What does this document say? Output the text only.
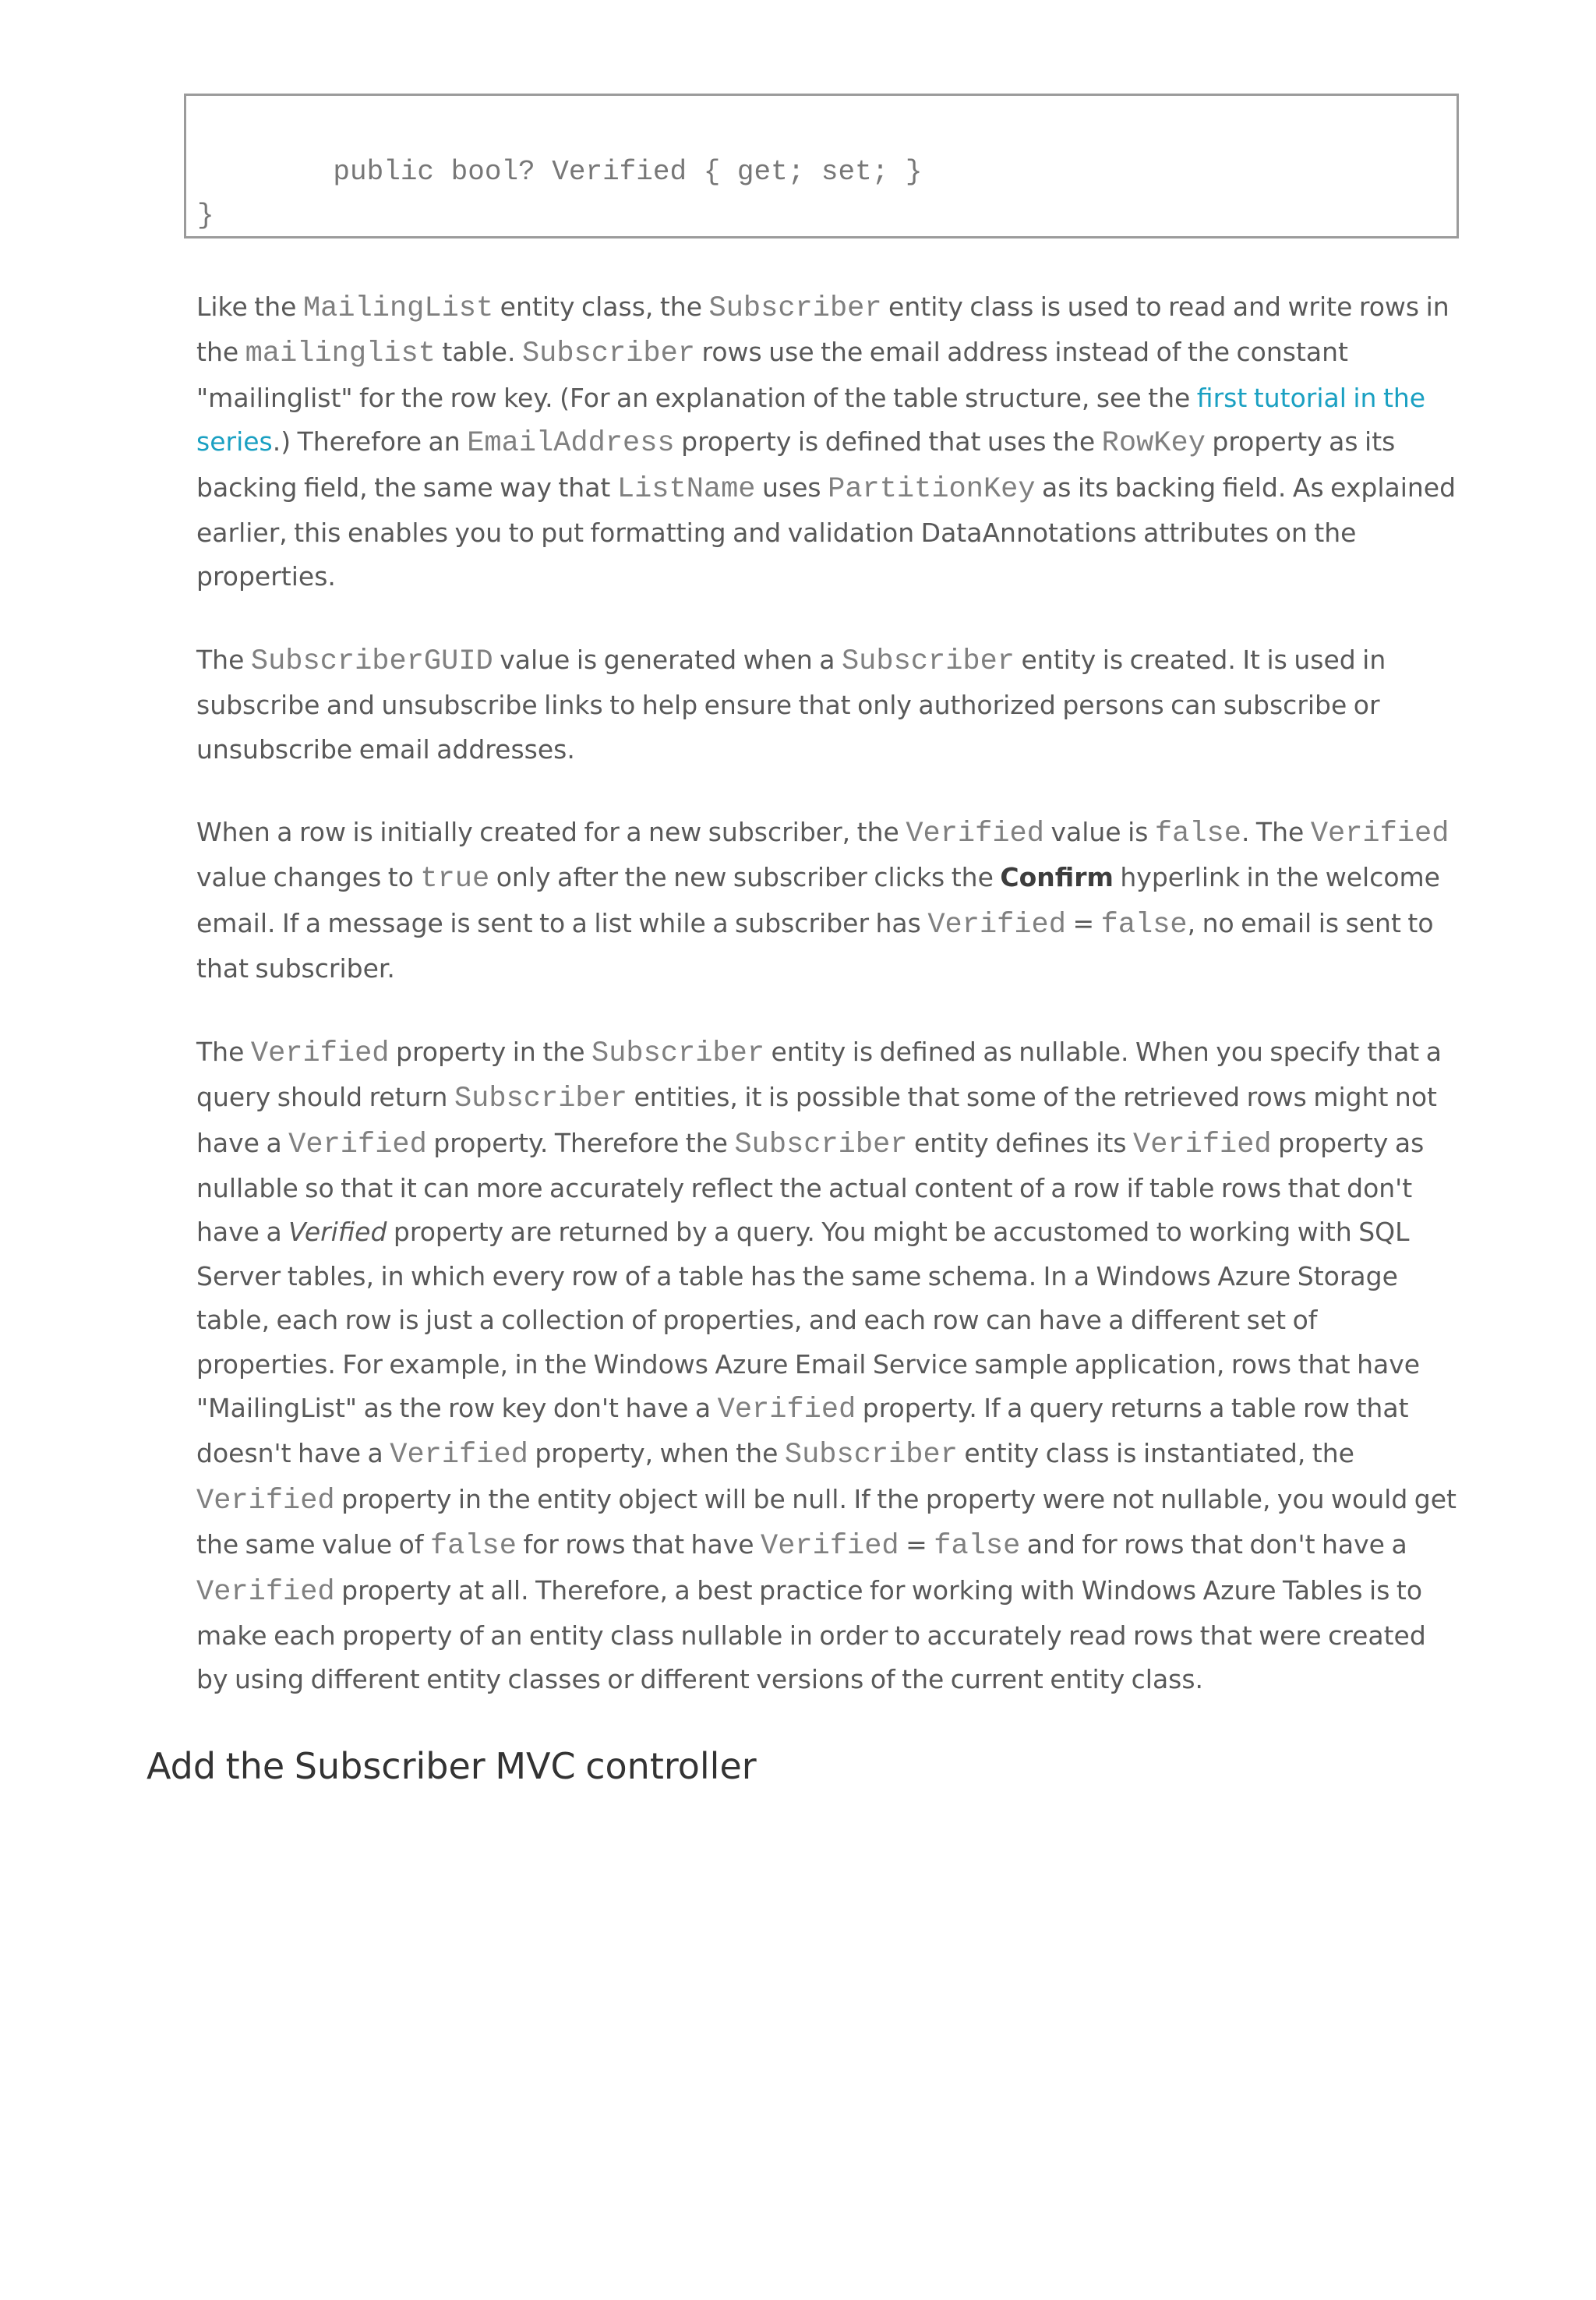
public bool? Verified { get; set; }
}

Like the MailingList entity class, the Subscriber entity class is used to read and write rows in the mailinglist table. Subscriber rows use the email address instead of the constant "mailinglist" for the row key. (For an explanation of the table structure, see the first tutorial in the series.) Therefore an EmailAddress property is defined that uses the RowKey property as its backing field, the same way that ListName uses PartitionKey as its backing field. As explained earlier, this enables you to put formatting and validation DataAnnotations attributes on the properties.

The SubscriberGUID value is generated when a Subscriber entity is created. It is used in subscribe and unsubscribe links to help ensure that only authorized persons can subscribe or unsubscribe email addresses.

When a row is initially created for a new subscriber, the Verified value is false. The Verified value changes to true only after the new subscriber clicks the Confirm hyperlink in the welcome email. If a message is sent to a list while a subscriber has Verified = false, no email is sent to that subscriber.

The Verified property in the Subscriber entity is defined as nullable. When you specify that a query should return Subscriber entities, it is possible that some of the retrieved rows might not have a Verified property. Therefore the Subscriber entity defines its Verified property as nullable so that it can more accurately reflect the actual content of a row if table rows that don't have a Verified property are returned by a query. You might be accustomed to working with SQL Server tables, in which every row of a table has the same schema. In a Windows Azure Storage table, each row is just a collection of properties, and each row can have a different set of properties. For example, in the Windows Azure Email Service sample application, rows that have "MailingList" as the row key don't have a Verified property. If a query returns a table row that doesn't have a Verified property, when the Subscriber entity class is instantiated, the Verified property in the entity object will be null. If the property were not nullable, you would get the same value of false for rows that have Verified = false and for rows that don't have a Verified property at all. Therefore, a best practice for working with Windows Azure Tables is to make each property of an entity class nullable in order to accurately read rows that were created by using different entity classes or different versions of the current entity class.

Add the Subscriber MVC controller
